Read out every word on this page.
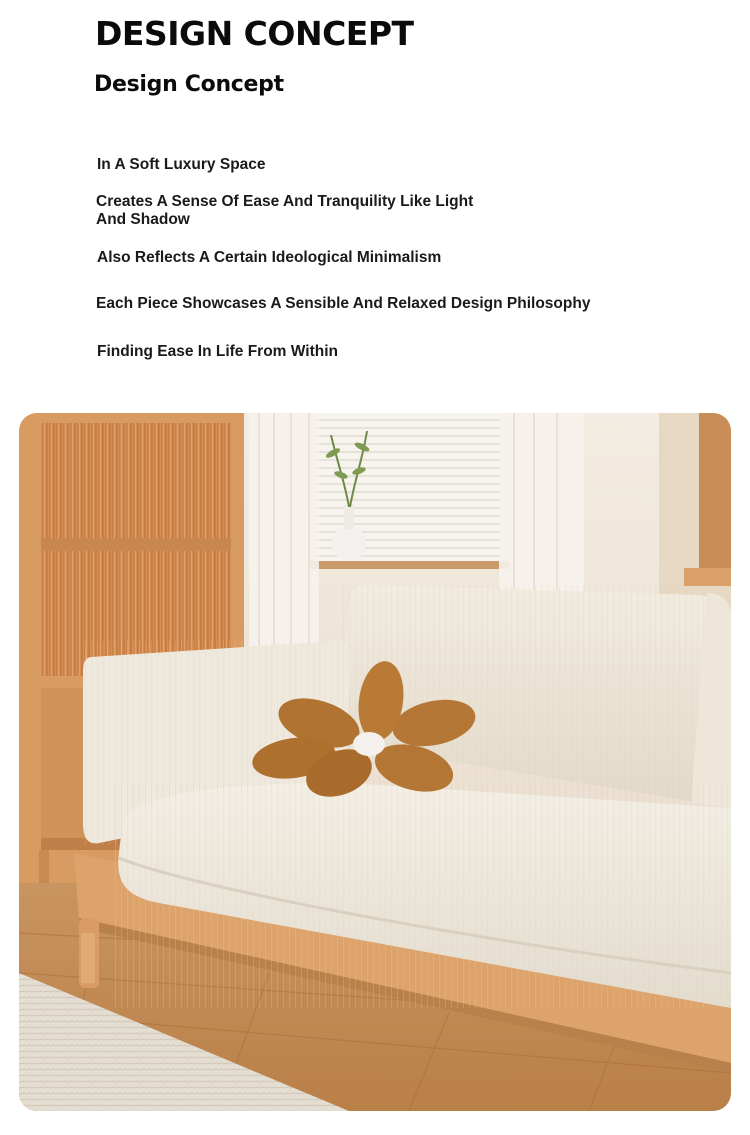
DESIGN CONCEPT
Design Concept

In A Soft Luxury Space

Creates A Sense Of Ease And Tranquility Like Light And Shadow

Also Reflects A Certain Ideological Minimalism

Each Piece Showcases A Sensible And Relaxed Design Philosophy

Finding Ease In Life From Within
